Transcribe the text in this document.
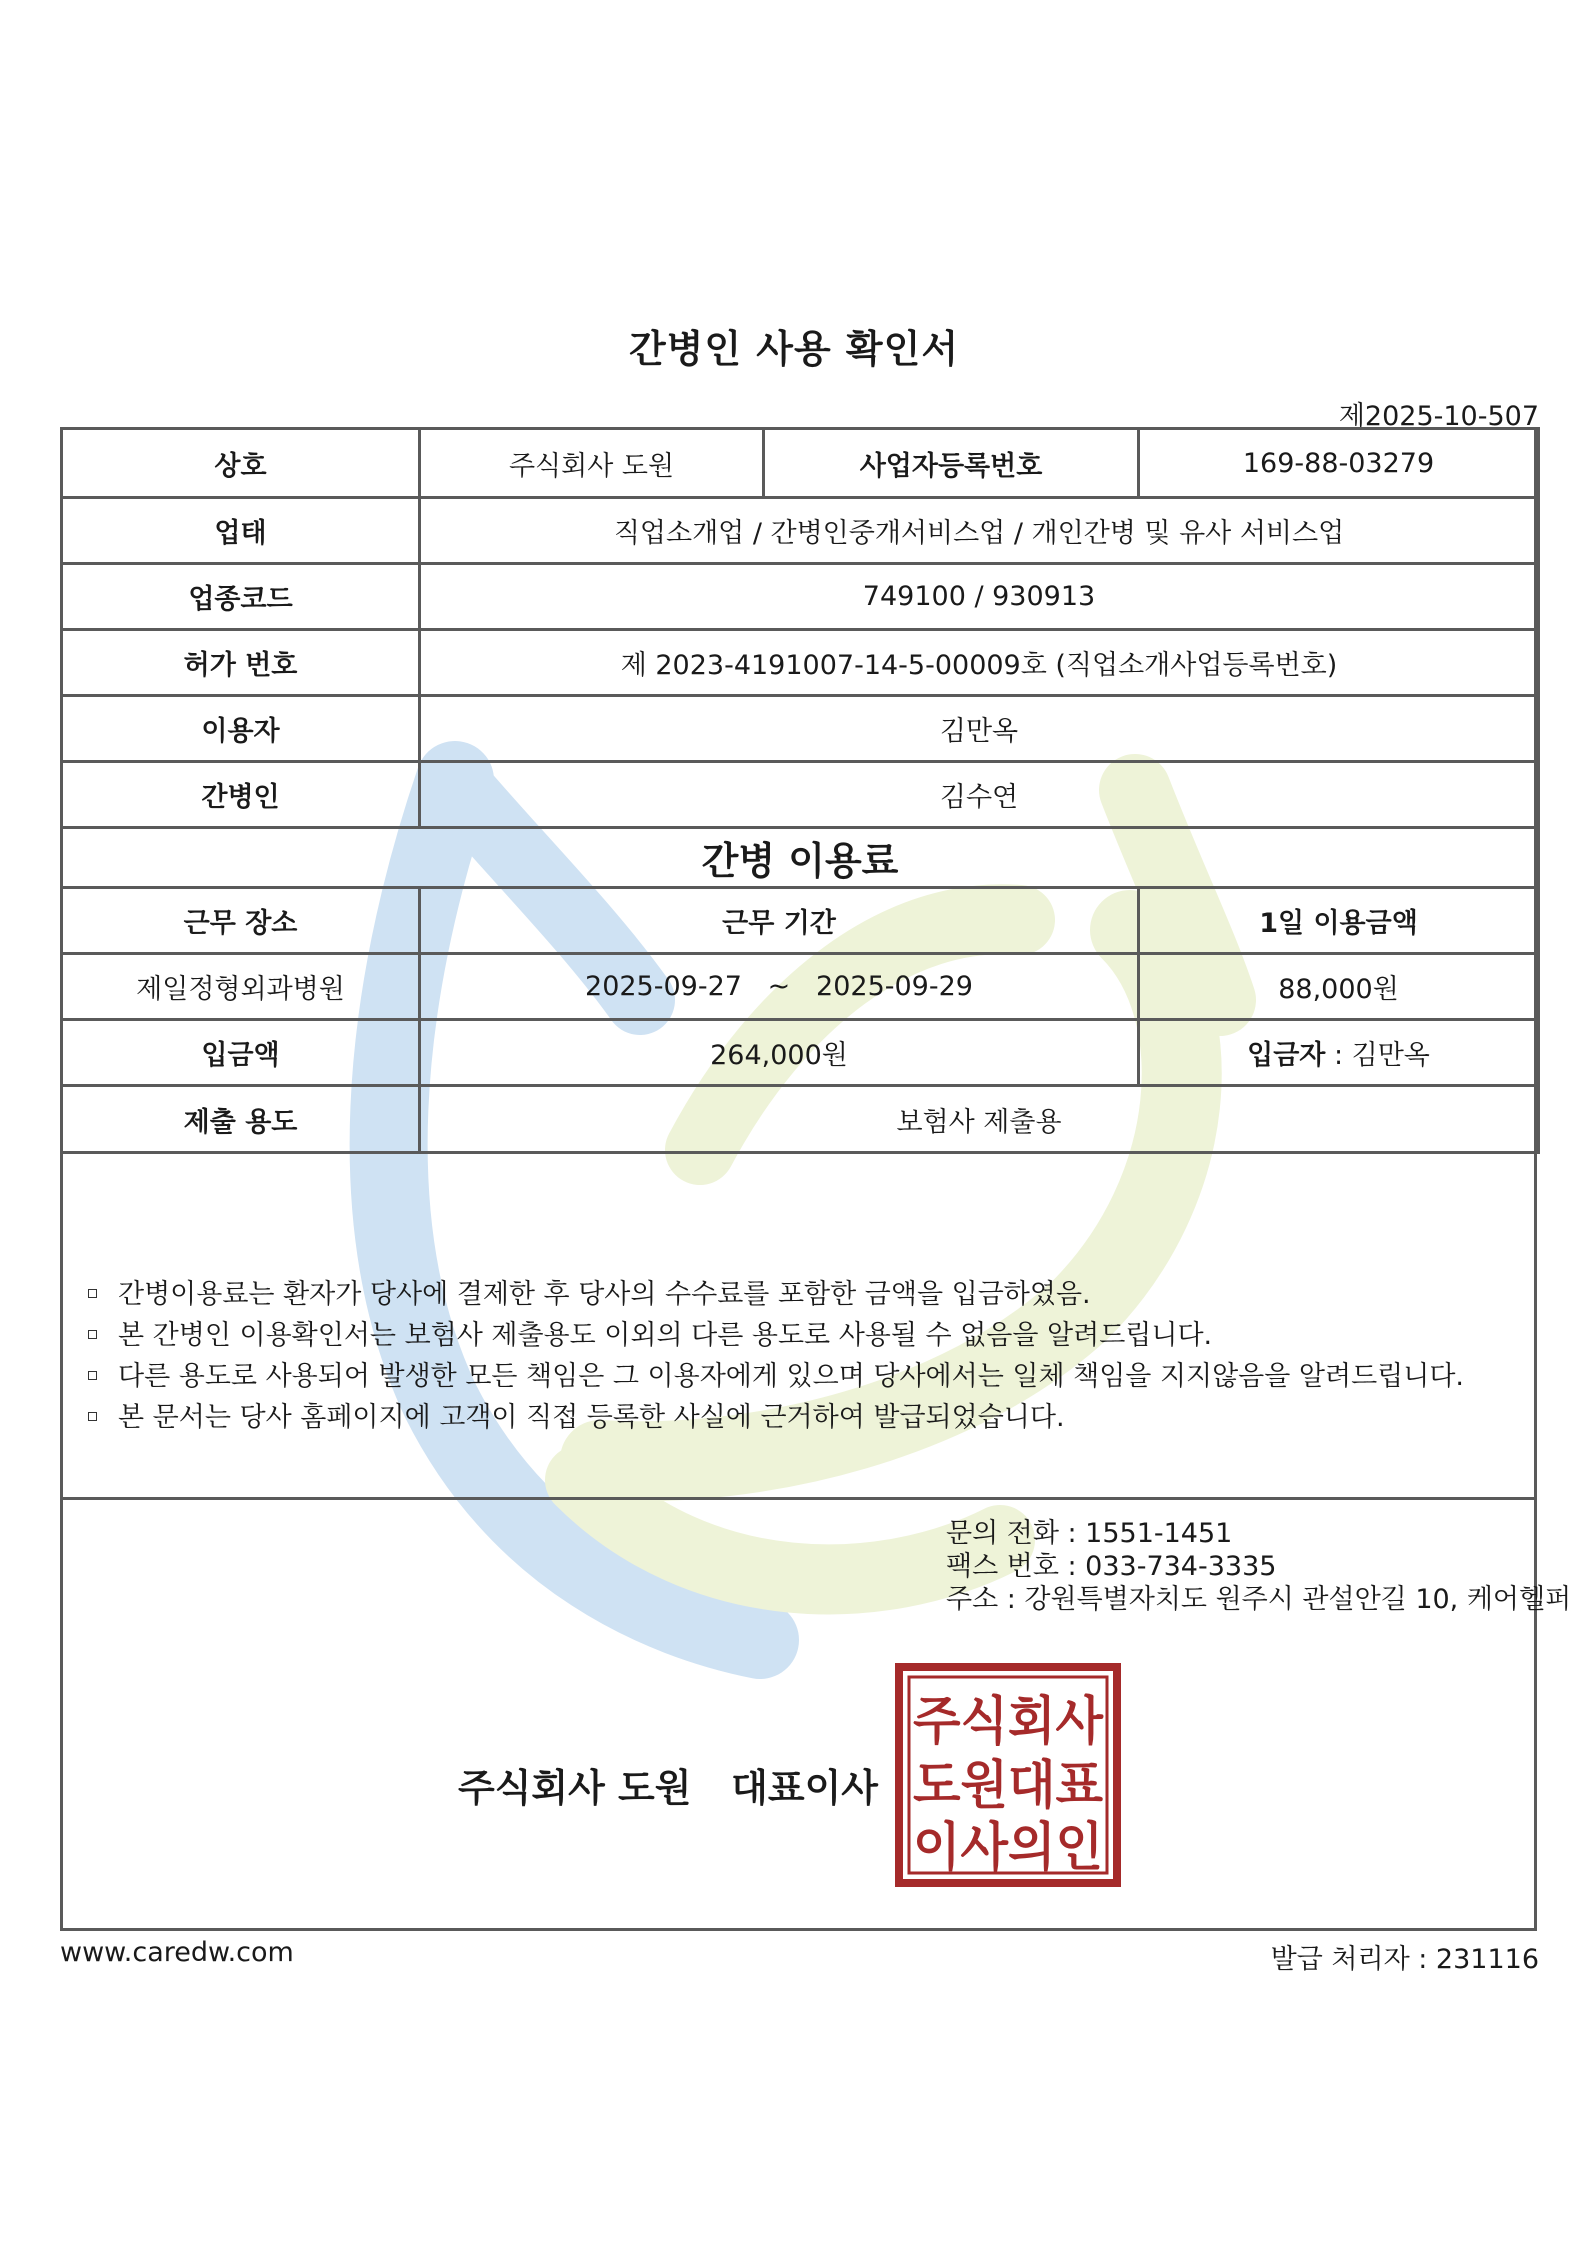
간병인 사용 확인서
제2025-10-507
상호	주식회사 도원	사업자등록번호	169-88-03279
업태	직업소개업 / 간병인중개서비스업 / 개인간병 및 유사 서비스업		
업종코드	749100 / 930913		
허가 번호	제 2023-4191007-14-5-00009호 (직업소개사업등록번호)		
이용자	김만옥		
간병인	김수연		
간병 이용료			
근무 장소	근무 기간		1일 이용금액
제일정형외과병원	2025-09-27   ~   2025-09-29		88,000원
입금액	264,000원		입금자 : 김만옥
제출 용도	보험사 제출용		
간병이용료는 환자가 당사에 결제한 후 당사의 수수료를 포함한 금액을 입금하였음.
본 간병인 이용확인서는 보험사 제출용도 이외의 다른 용도로 사용될 수 없음을 알려드립니다.
다른 용도로 사용되어 발생한 모든 책임은 그 이용자에게 있으며 당사에서는 일체 책임을 지지않음을 알려드립니다.
본 문서는 당사 홈페이지에 고객이 직접 등록한 사실에 근거하여 발급되었습니다.
문의 전화 : 1551-1451
팩스 번호 : 033-734-3335
주소 : 강원특별자치도 원주시 관설안길 10, 케어헬퍼
주식회사 도원   대표이사
주식회사
도원대표
이사의인
www.caredw.com	발급 처리자 : 231116
